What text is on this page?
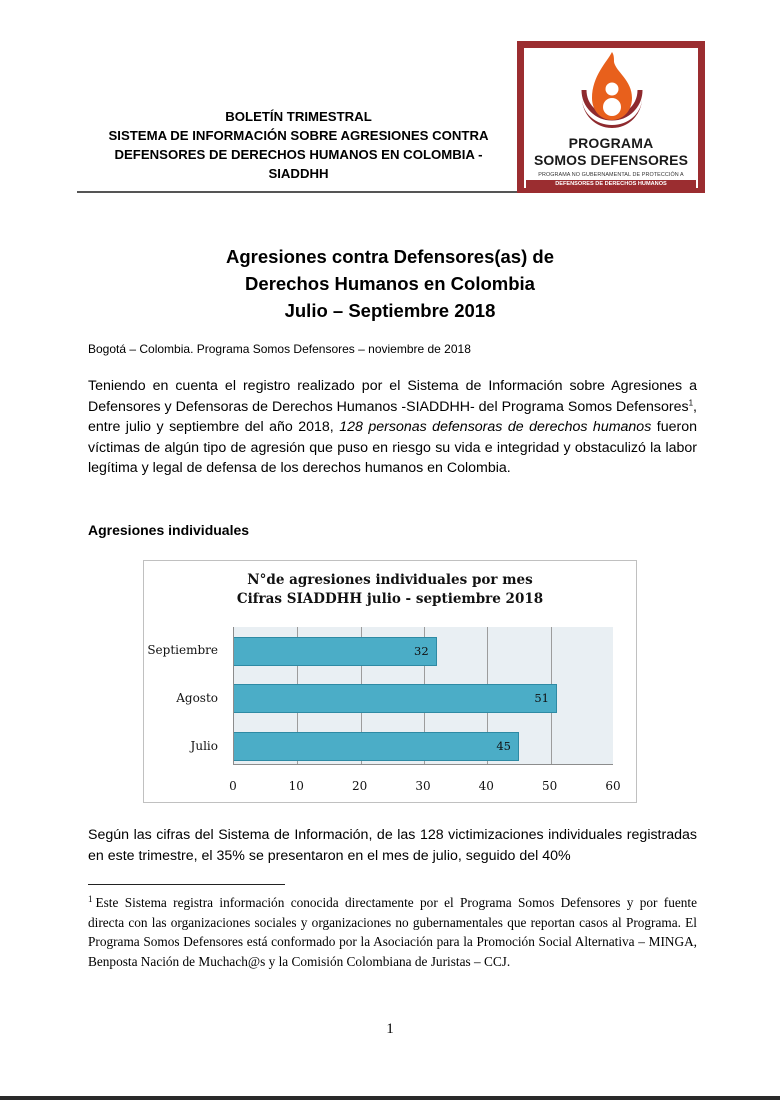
BOLETÍN TRIMESTRAL
SISTEMA DE INFORMACIÓN SOBRE AGRESIONES CONTRA
DEFENSORES DE DERECHOS HUMANOS EN COLOMBIA -
SIADDHH
PROGRAMA
SOMOS DEFENSORES
PROGRAMA NO GUBERNAMENTAL DE PROTECCIÓN A
DEFENSORES DE DERECHOS HUMANOS
Agresiones contra Defensores(as) de
Derechos Humanos en Colombia
Julio – Septiembre 2018
Bogotá – Colombia. Programa Somos Defensores – noviembre de 2018
Teniendo en cuenta el registro realizado por el Sistema de Información sobre Agresiones a Defensores y Defensoras de Derechos Humanos -SIADDHH- del Programa Somos Defensores$^1$, entre julio y septiembre del año 2018, 128 personas defensoras de derechos humanos fueron víctimas de algún tipo de agresión que puso en riesgo su vida e integridad y obstaculizó la labor legítima y legal de defensa de los derechos humanos en Colombia.
Agresiones individuales
N°de agresiones individuales por mes
Cifras SIADDHH julio - septiembre 2018
32
51
45
Septiembre
Agosto
Julio
0	10	20	30	40	50	60
Según las cifras del Sistema de Información, de las 128 victimizaciones individuales registradas en este trimestre, el 35% se presentaron en el mes de julio, seguido del 40%
$^1$ Este Sistema registra información conocida directamente por el Programa Somos Defensores y por fuente directa con las organizaciones sociales y organizaciones no gubernamentales que reportan casos al Programa. El Programa Somos Defensores está conformado por la Asociación para la Promoción Social Alternativa – MINGA, Benposta Nación de Muchach@s y la Comisión Colombiana de Juristas – CCJ.
1
